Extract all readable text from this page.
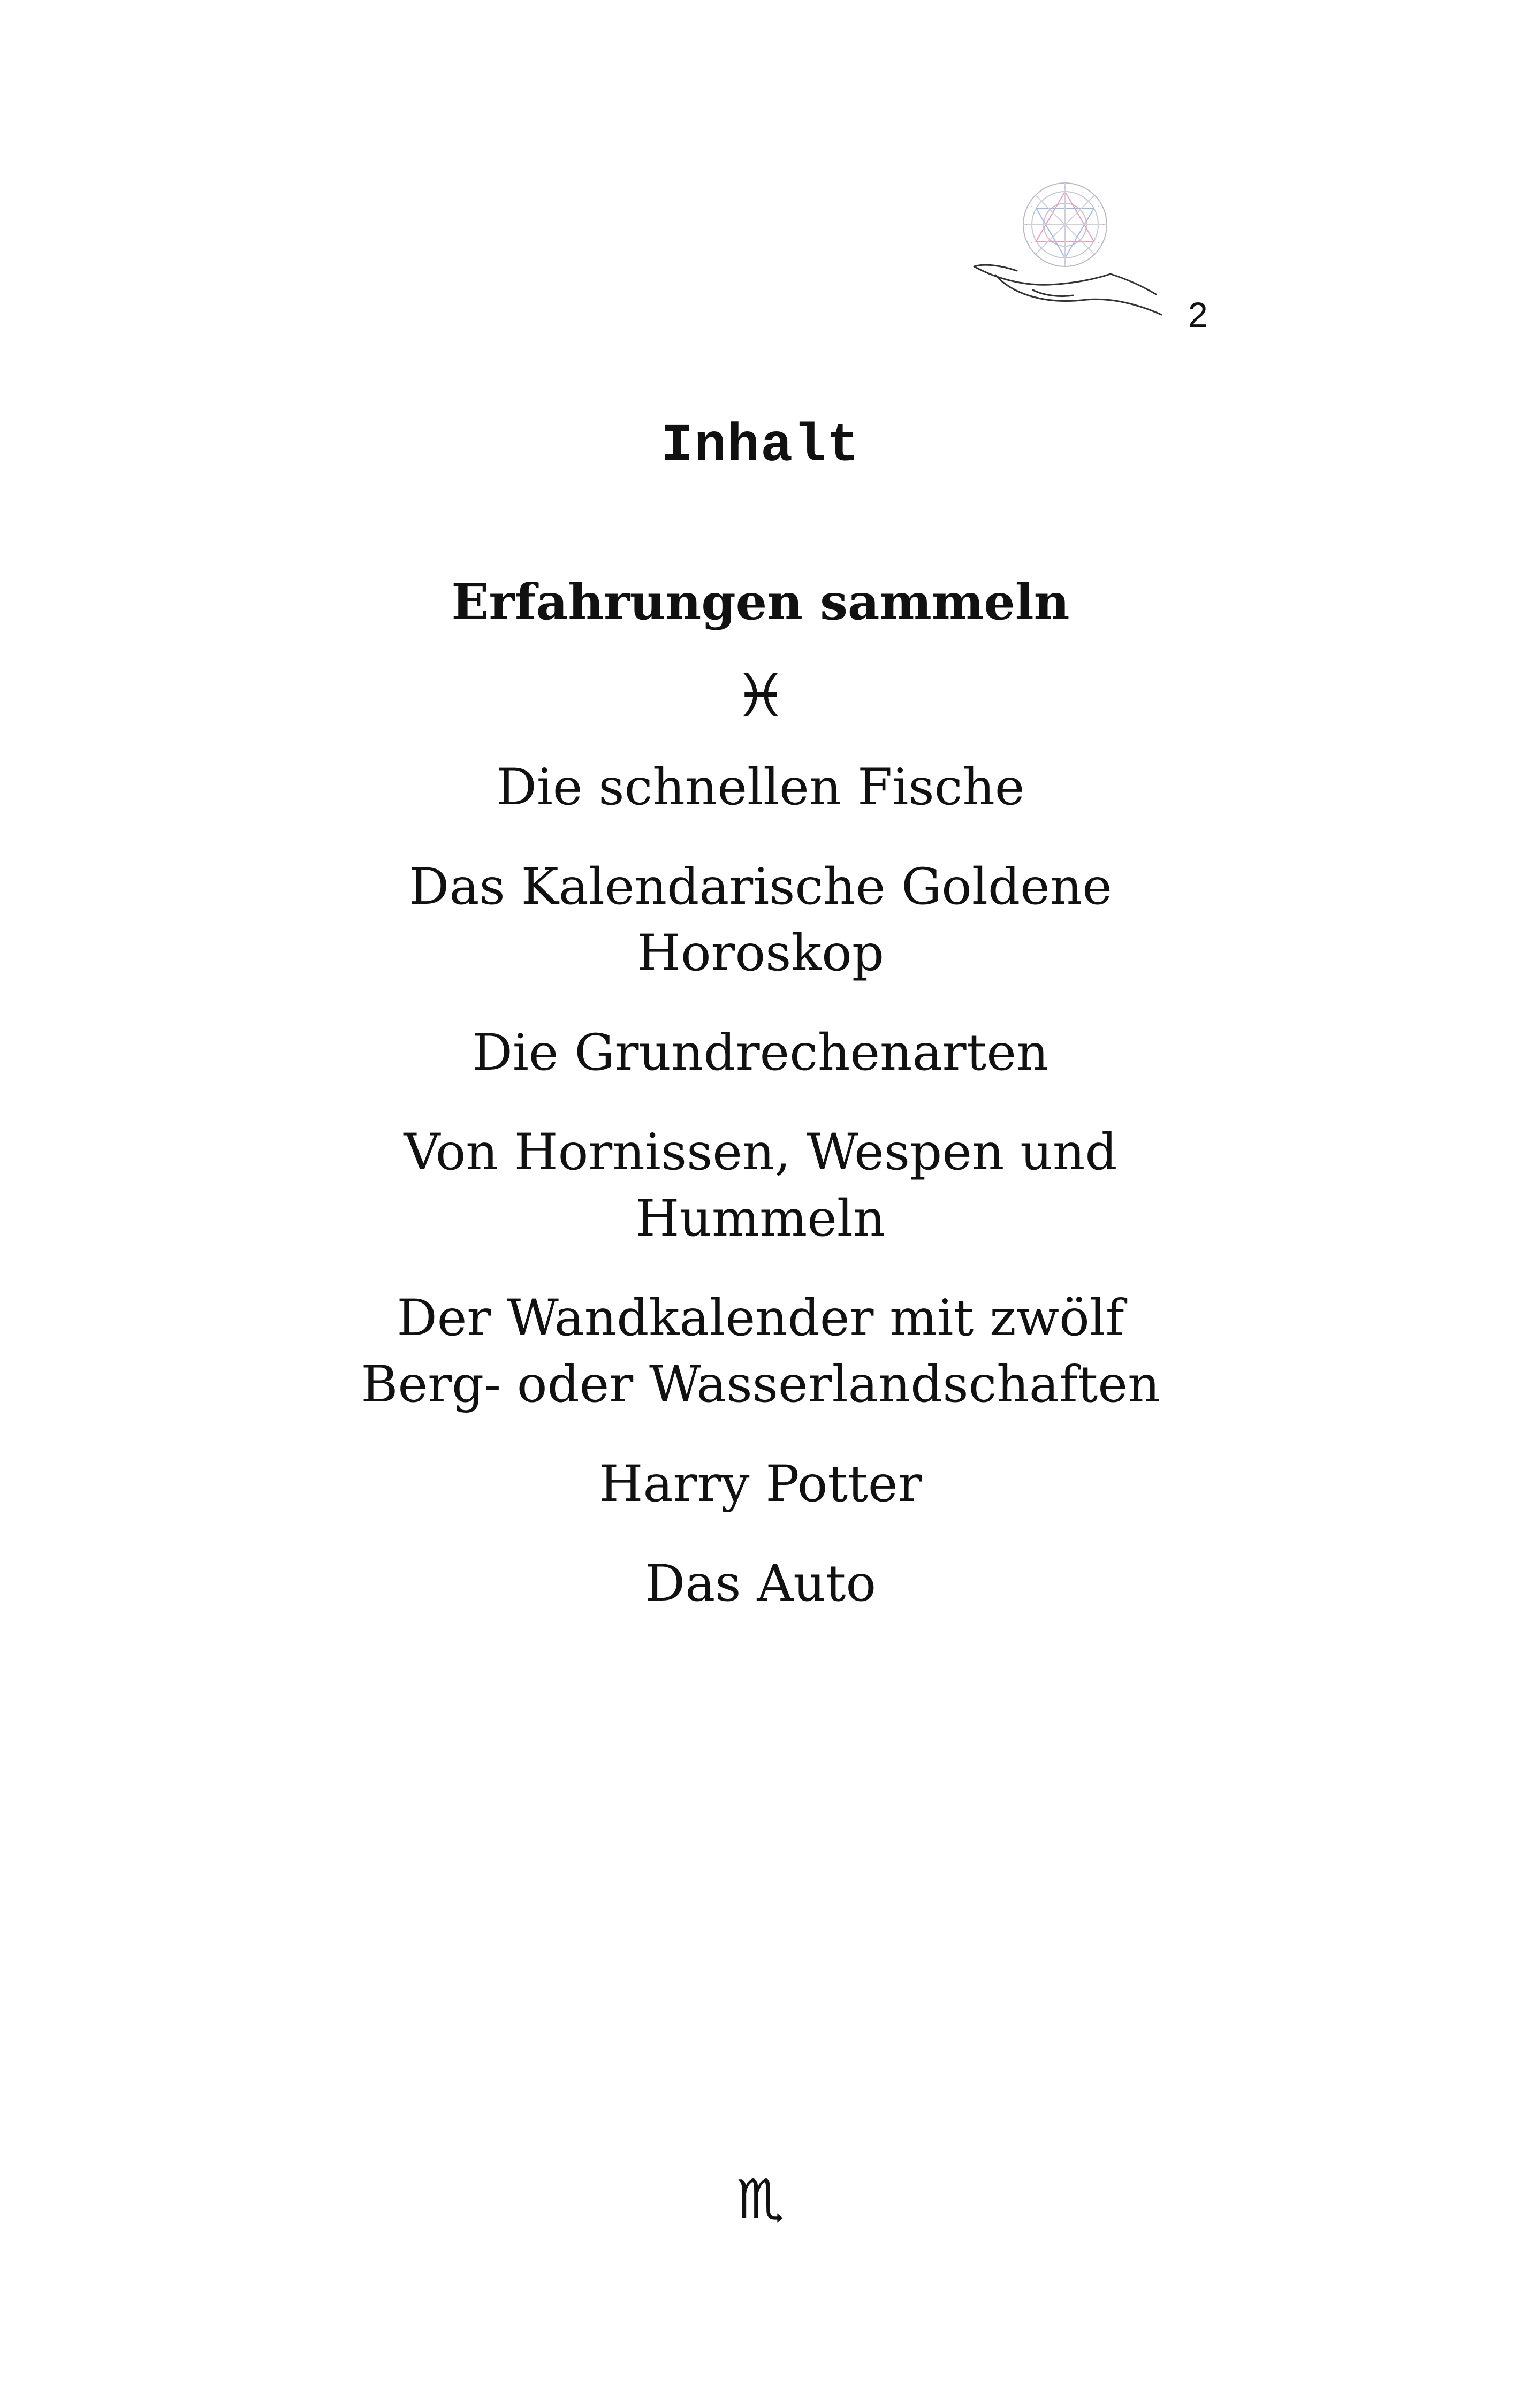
·
·
·
·
·
·
·
·
·
·
·
·
2
Inhalt
Erfahrungen sammeln
♓
Die schnellen Fische
Das Kalendarische Goldene
Horoskop
Die Grundrechenarten
Von Hornissen, Wespen und
Hummeln
Der Wandkalender mit zwölf
Berg- oder Wasserlandschaften
Harry Potter
Das Auto
♏
